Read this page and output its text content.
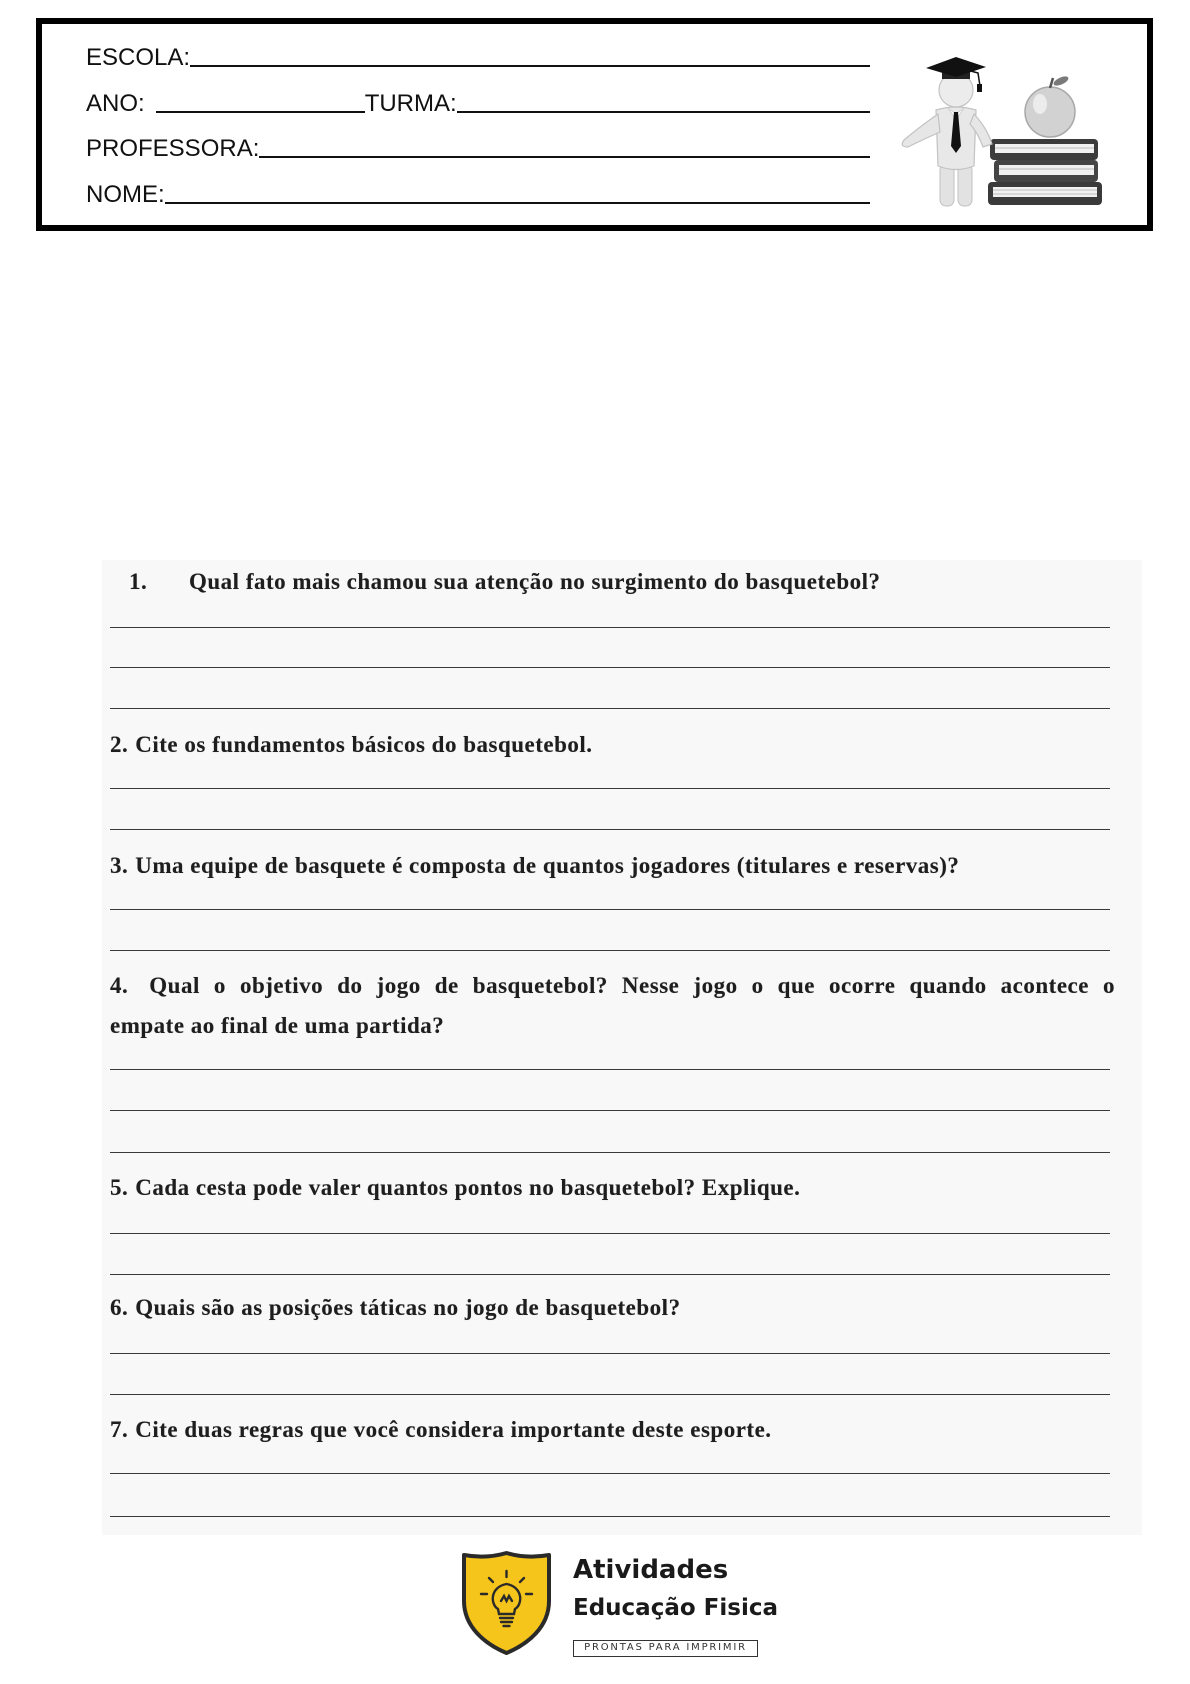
ESCOLA:
ANO:	TURMA:
PROFESSORA:
NOME:
1. Qual fato mais chamou sua atenção no surgimento do basquetebol?
2. Cite os fundamentos básicos do basquetebol.
3. Uma equipe de basquete é composta de quantos jogadores (titulares e reservas)?
4. Qual o objetivo do jogo de basquetebol? Nesse jogo o que ocorre quando acontece o
empate ao final de uma partida?
5. Cada cesta pode valer quantos pontos no basquetebol? Explique.
6. Quais são as posições táticas no jogo de basquetebol?
7. Cite duas regras que você considera importante deste esporte.
Atividades
Educação Fisica
PRONTAS PARA IMPRIMIR
